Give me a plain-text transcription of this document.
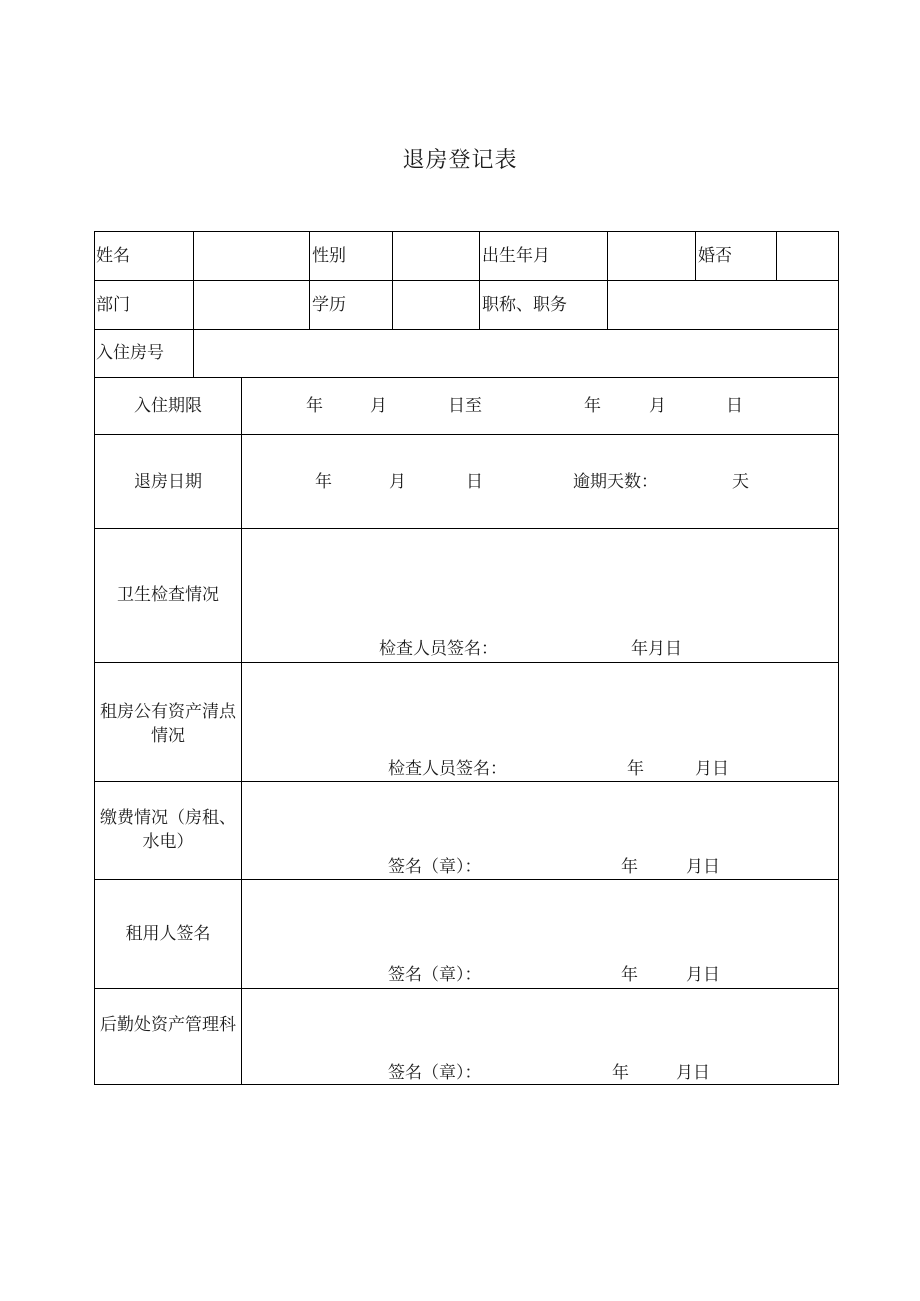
退房登记表
姓名	性别	出生年月	婚否
部门	学历	职称、职务
入住房号
入住期限	年	月	日至	年	月	日
退房日期	年	月	日	逾期天数：	天
卫生检查情况
检查人员签名：	年月日
租房公有资产清点情况
检查人员签名：	年	月日
缴费情况（房租、水电）
签名（章）：	年	月日
租用人签名
签名（章）：	年	月日
后勤处资产管理科
签名（章）：	年	月日
